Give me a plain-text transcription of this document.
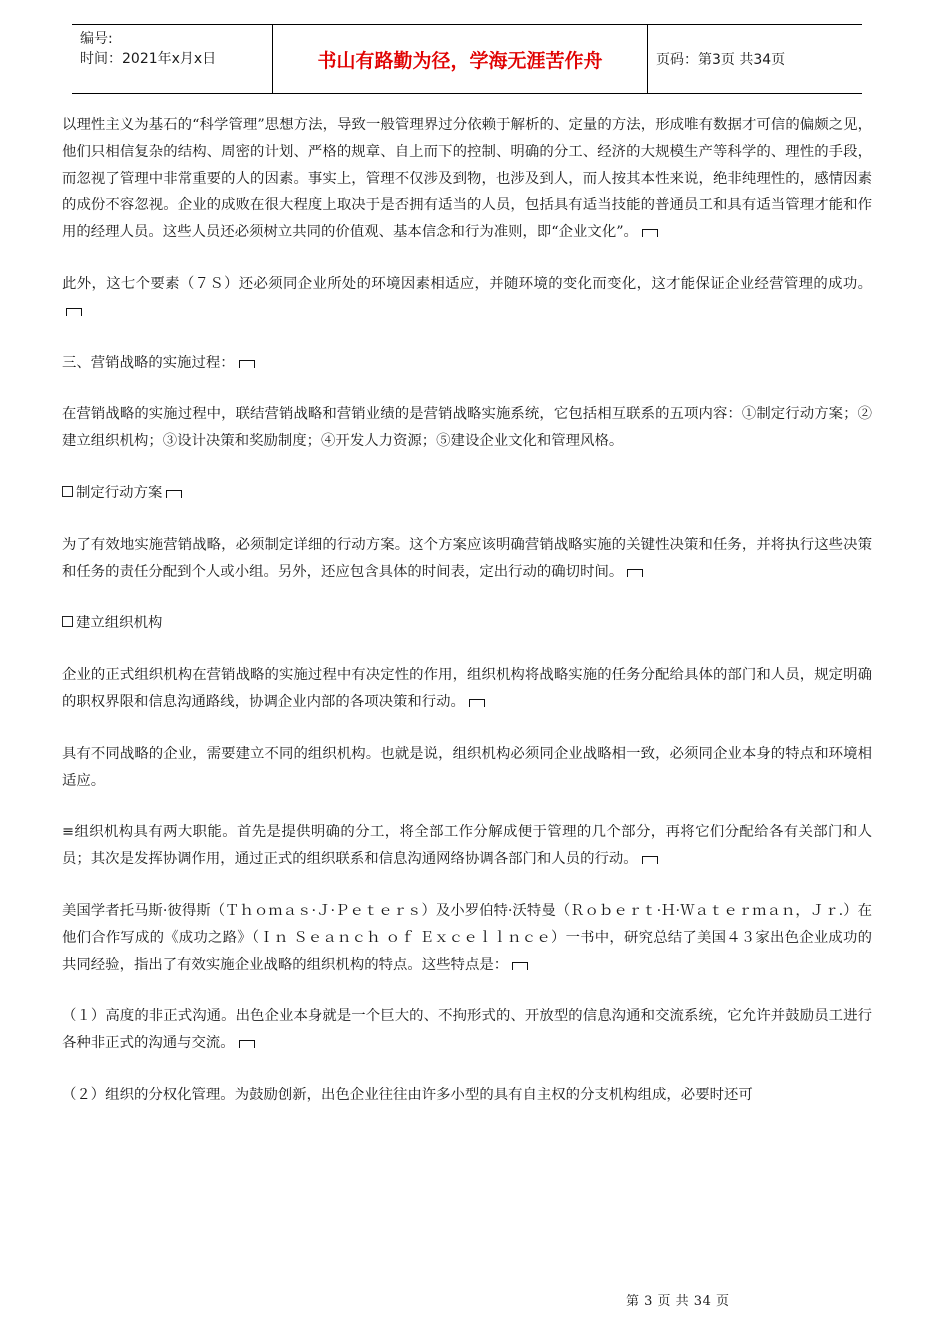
编号:
时间：2021年x月x日	书山有路勤为径，学海无涯苦作舟	页码：第3页 共34页

以理性主义为基石的“科学管理”思想方法，导致一般管理界过分依赖于解析的、定量的方法，形成唯有数据才可信的偏颇之见，他们只相信复杂的结构、周密的计划、严格的规章、自上而下的控制、明确的分工、经济的大规模生产等科学的、理性的手段，而忽视了管理中非常重要的人的因素。事实上，管理不仅涉及到物，也涉及到人，而人按其本性来说，绝非纯理性的，感情因素的成份不容忽视。企业的成败在很大程度上取决于是否拥有适当的人员，包括具有适当技能的普通员工和具有适当管理才能和作用的经理人员。这些人员还必须树立共同的价值观、基本信念和行为准则，即“企业文化”。

此外，这七个要素（７Ｓ）还必须同企业所处的环境因素相适应，并随环境的变化而变化，这才能保证企业经营管理的成功。

三、营销战略的实施过程：

在营销战略的实施过程中，联结营销战略和营销业绩的是营销战略实施系统，它包括相互联系的五项内容：①制定行动方案；②建立组织机构；③设计决策和奖励制度；④开发人力资源；⑤建设企业文化和管理风格。

制定行动方案

为了有效地实施营销战略，必须制定详细的行动方案。这个方案应该明确营销战略实施的关键性决策和任务，并将执行这些决策和任务的责任分配到个人或小组。另外，还应包含具体的时间表，定出行动的确切时间。

建立组织机构

企业的正式组织机构在营销战略的实施过程中有决定性的作用，组织机构将战略实施的任务分配给具体的部门和人员，规定明确的职权界限和信息沟通路线，协调企业内部的各项决策和行动。

具有不同战略的企业，需要建立不同的组织机构。也就是说，组织机构必须同企业战略相一致，必须同企业本身的特点和环境相适应。

≡组织机构具有两大职能。首先是提供明确的分工，将全部工作分解成便于管理的几个部分，再将它们分配给各有关部门和人员；其次是发挥协调作用，通过正式的组织联系和信息沟通网络协调各部门和人员的行动。

美国学者托马斯·彼得斯（Ｔｈｏｍａｓ·Ｊ·Ｐｅｔｅｒｓ）及小罗伯特·沃特曼（Ｒｏｂｅｒｔ·Ｈ·Ｗａｔｅｒｍａｎ，Ｊｒ.）在他们合作写成的《成功之路》（Ｉｎ Ｓｅａｎｃｈ ｏｆ Ｅｘｃｅｌｌｎｃｅ）一书中，研究总结了美国４３家出色企业成功的共同经验，指出了有效实施企业战略的组织机构的特点。这些特点是：

（１）高度的非正式沟通。出色企业本身就是一个巨大的、不拘形式的、开放型的信息沟通和交流系统，它允许并鼓励员工进行各种非正式的沟通与交流。

（２）组织的分权化管理。为鼓励创新，出色企业往往由许多小型的具有自主权的分支机构组成，必要时还可

第 3 页 共 34 页
